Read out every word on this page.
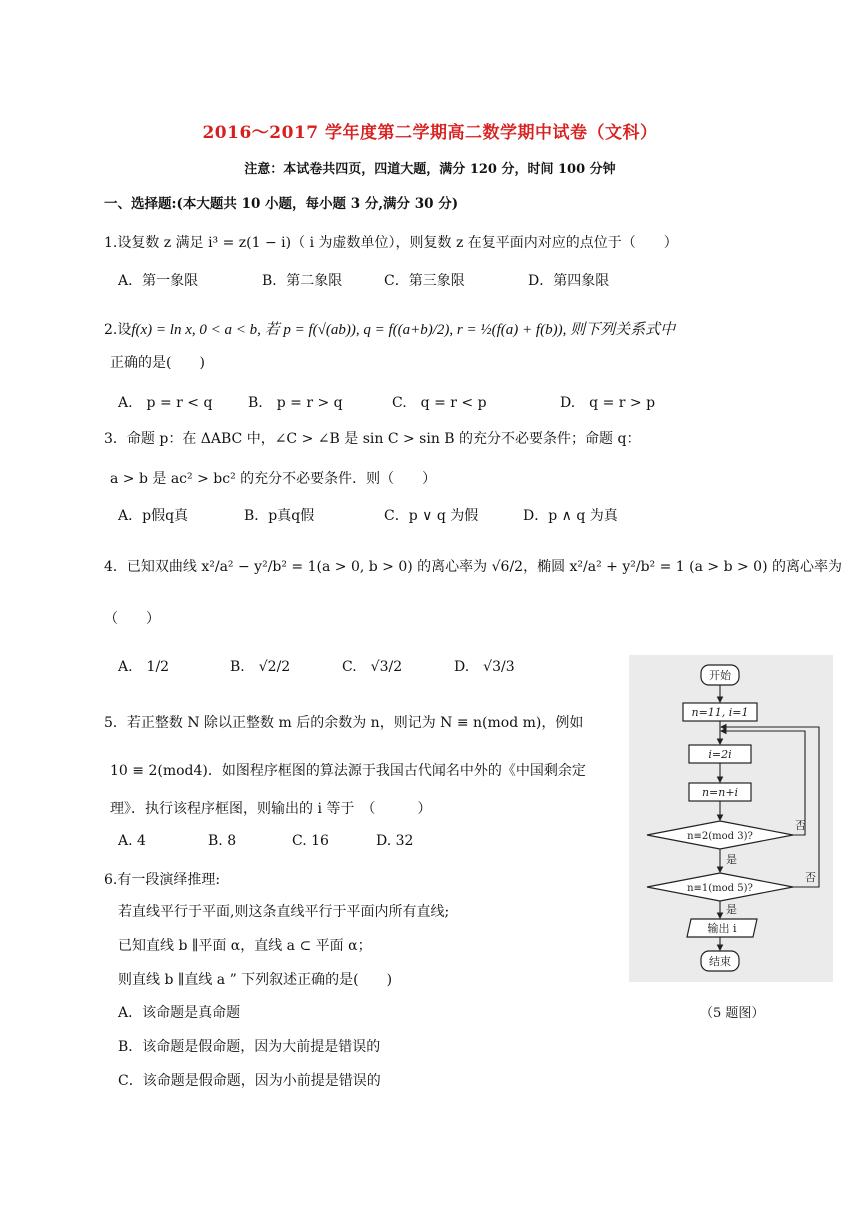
2016～2017 学年度第二学期高二数学期中试卷（文科）
注意：本试卷共四页，四道大题，满分 120 分，时间 100 分钟
一、选择题:(本大题共 10 小题，每小题 3 分,满分 30 分)
1.设复数 z 满足 i³ = z(1 − i)（ i 为虚数单位），则复数 z 在复平面内对应的点位于（　　）
A．第一象限	B．第二象限	C．第三象限	D．第四象限
2.设f(x) = ln x, 0 < a < b, 若 p = f(√(ab)), q = f((a+b)/2), r = ½(f(a) + f(b)), 则下列关系式中
正确的是(　　)
A.　p = r < q	B.　p = r > q	C.　q = r < p	D.　q = r > p
3．命题 p：在 ΔABC 中，∠C > ∠B 是 sin C > sin B 的充分不必要条件；命题 q：
a > b 是 ac² > bc² 的充分不必要条件．则（　　）
A．p假q真	B．p真q假	C．p ∨ q 为假	D．p ∧ q 为真
4．已知双曲线 x²/a² − y²/b² = 1(a > 0, b > 0) 的离心率为 √6/2，椭圆 x²/a² + y²/b² = 1 (a > b > 0) 的离心率为
（　　）
A.　1/2	B.　√2/2	C.　√3/2	D.　√3/3
5．若正整数 N 除以正整数 m 后的余数为 n，则记为 N ≡ n(mod m)，例如
10 ≡ 2(mod4)．如图程序框图的算法源于我国古代闻名中外的《中国剩余定
理》．执行该程序框图，则输出的 i 等于　（　　　）
A. 4	B. 8	C. 16	D. 32
开始
n=11, i=1
i=2i
n=n+i
n≡2(mod 3)?
n≡1(mod 5)?
是
是
否
否
输出 i
结束
（5 题图）
6.有一段演绎推理:
若直线平行于平面,则这条直线平行于平面内所有直线;
已知直线 b ∥平面 α，直线 a ⊂ 平面 α；
则直线 b ∥直线 a ” 下列叙述正确的是(　　)
A．该命题是真命题
B．该命题是假命题，因为大前提是错误的
C．该命题是假命题，因为小前提是错误的
